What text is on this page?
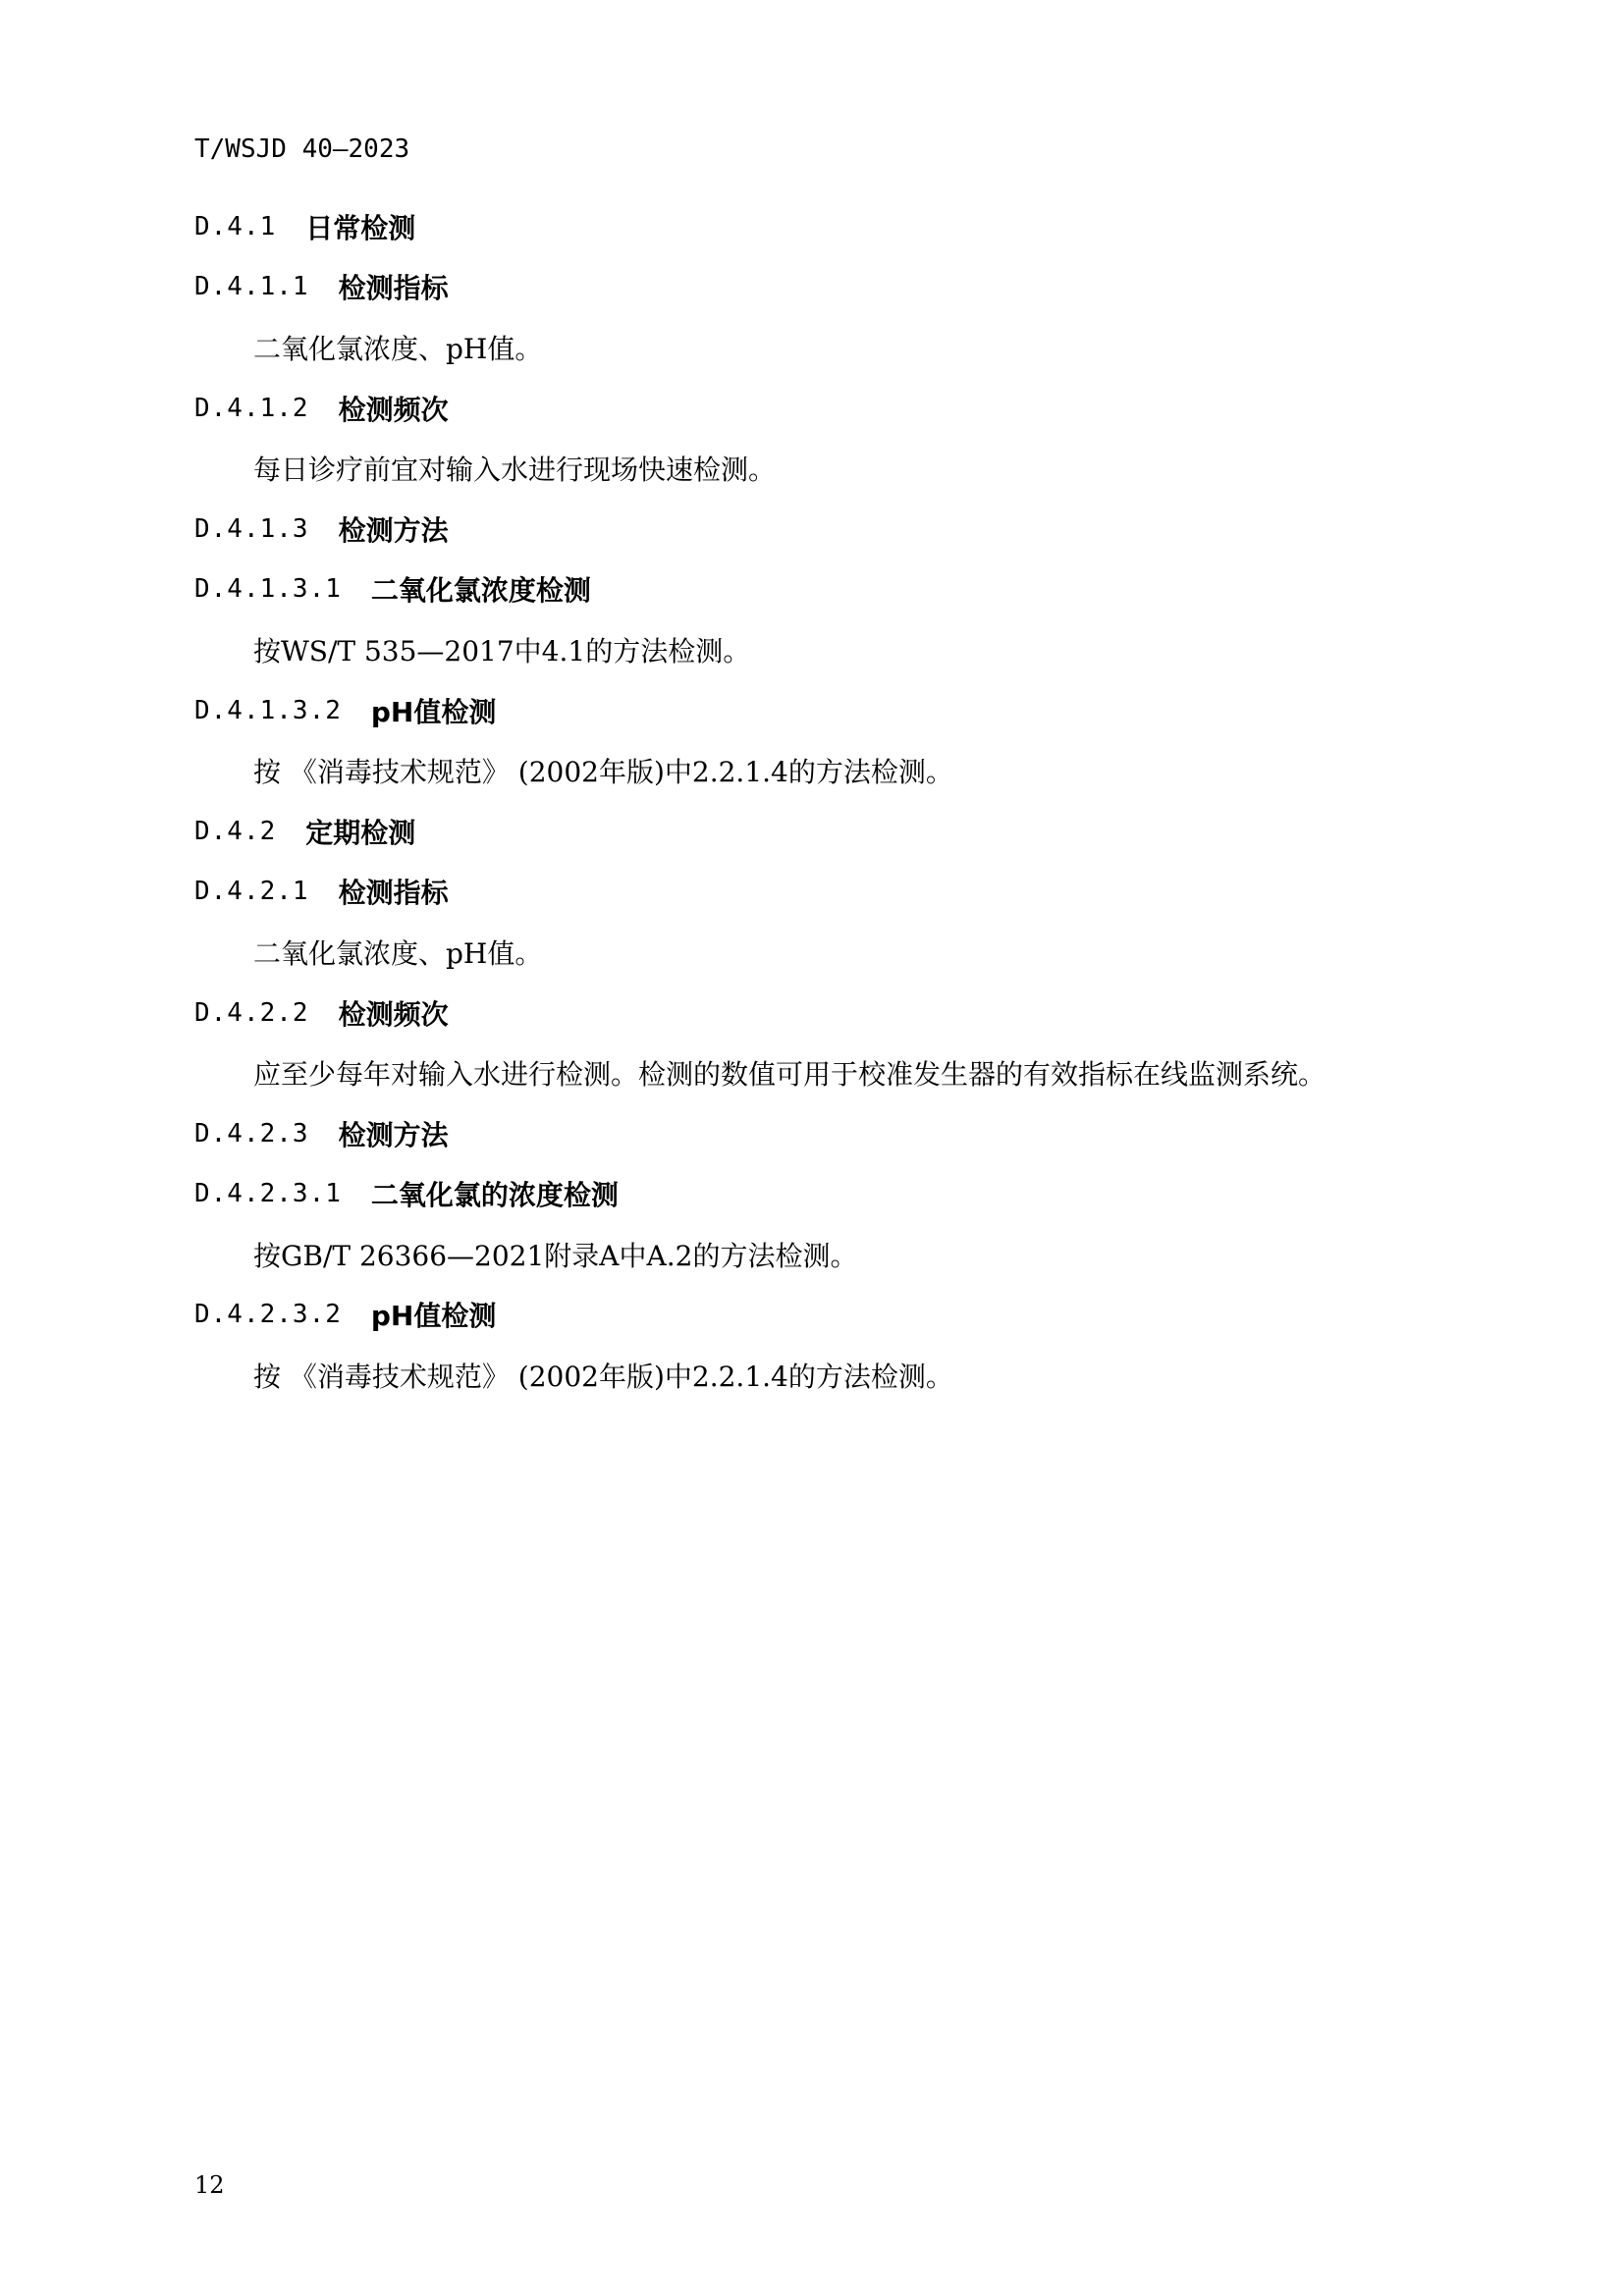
T/WSJD 40—2023
D.4.1 日常检测
D.4.1.1 检测指标
二氧化氯浓度、pH值。
D.4.1.2 检测频次
每日诊疗前宜对输入水进行现场快速检测。
D.4.1.3 检测方法
D.4.1.3.1 二氧化氯浓度检测
按WS/T 535—2017中4.1的方法检测。
D.4.1.3.2 pH值检测
按 《消毒技术规范》 (2002年版)中2.2.1.4的方法检测。
D.4.2 定期检测
D.4.2.1 检测指标
二氧化氯浓度、pH值。
D.4.2.2 检测频次
应至少每年对输入水进行检测。检测的数值可用于校准发生器的有效指标在线监测系统。
D.4.2.3 检测方法
D.4.2.3.1 二氧化氯的浓度检测
按GB/T 26366—2021附录A中A.2的方法检测。
D.4.2.3.2 pH值检测
按 《消毒技术规范》 (2002年版)中2.2.1.4的方法检测。
12
